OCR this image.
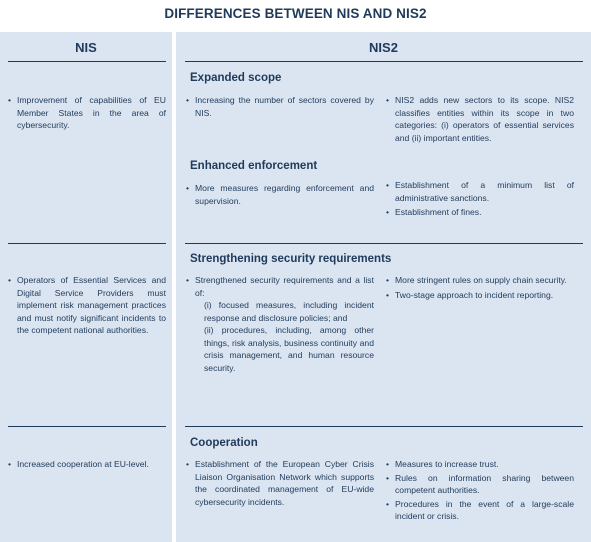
DIFFERENCES BETWEEN NIS AND NIS2
NIS	NIS2
Expanded scope
• Improvement of capabilities of EU Member States in the area of cybersecurity.
• Increasing the number of sectors covered by NIS.
• NIS2 adds new sectors to its scope. NIS2 classifies entities within its scope in two categories: (i) operators of essential services and (ii) important entities.
Enhanced enforcement
• More measures regarding enforcement and supervision.
• Establishment of a minimum list of administrative sanctions.
• Establishment of fines.
Strengthening security requirements
• Operators of Essential Services and Digital Service Providers must implement risk management practices and must notify significant incidents to the competent national authorities.
• Strengthened security requirements and a list of:
(i) focused measures, including incident response and disclosure policies; and
(ii) procedures, including, among other things, risk analysis, business continuity and crisis management, and human resource security.
• More stringent rules on supply chain security.
• Two-stage approach to incident reporting.
Cooperation
• Increased cooperation at EU-level.
•	Establishment of the European Cyber Crisis Liaison Organisation Network which supports the coordinated management of EU-wide cybersecurity incidents.
• Measures to increase trust.
• Rules on information sharing between competent authorities.
• Procedures in the event of a large-scale incident or crisis.
